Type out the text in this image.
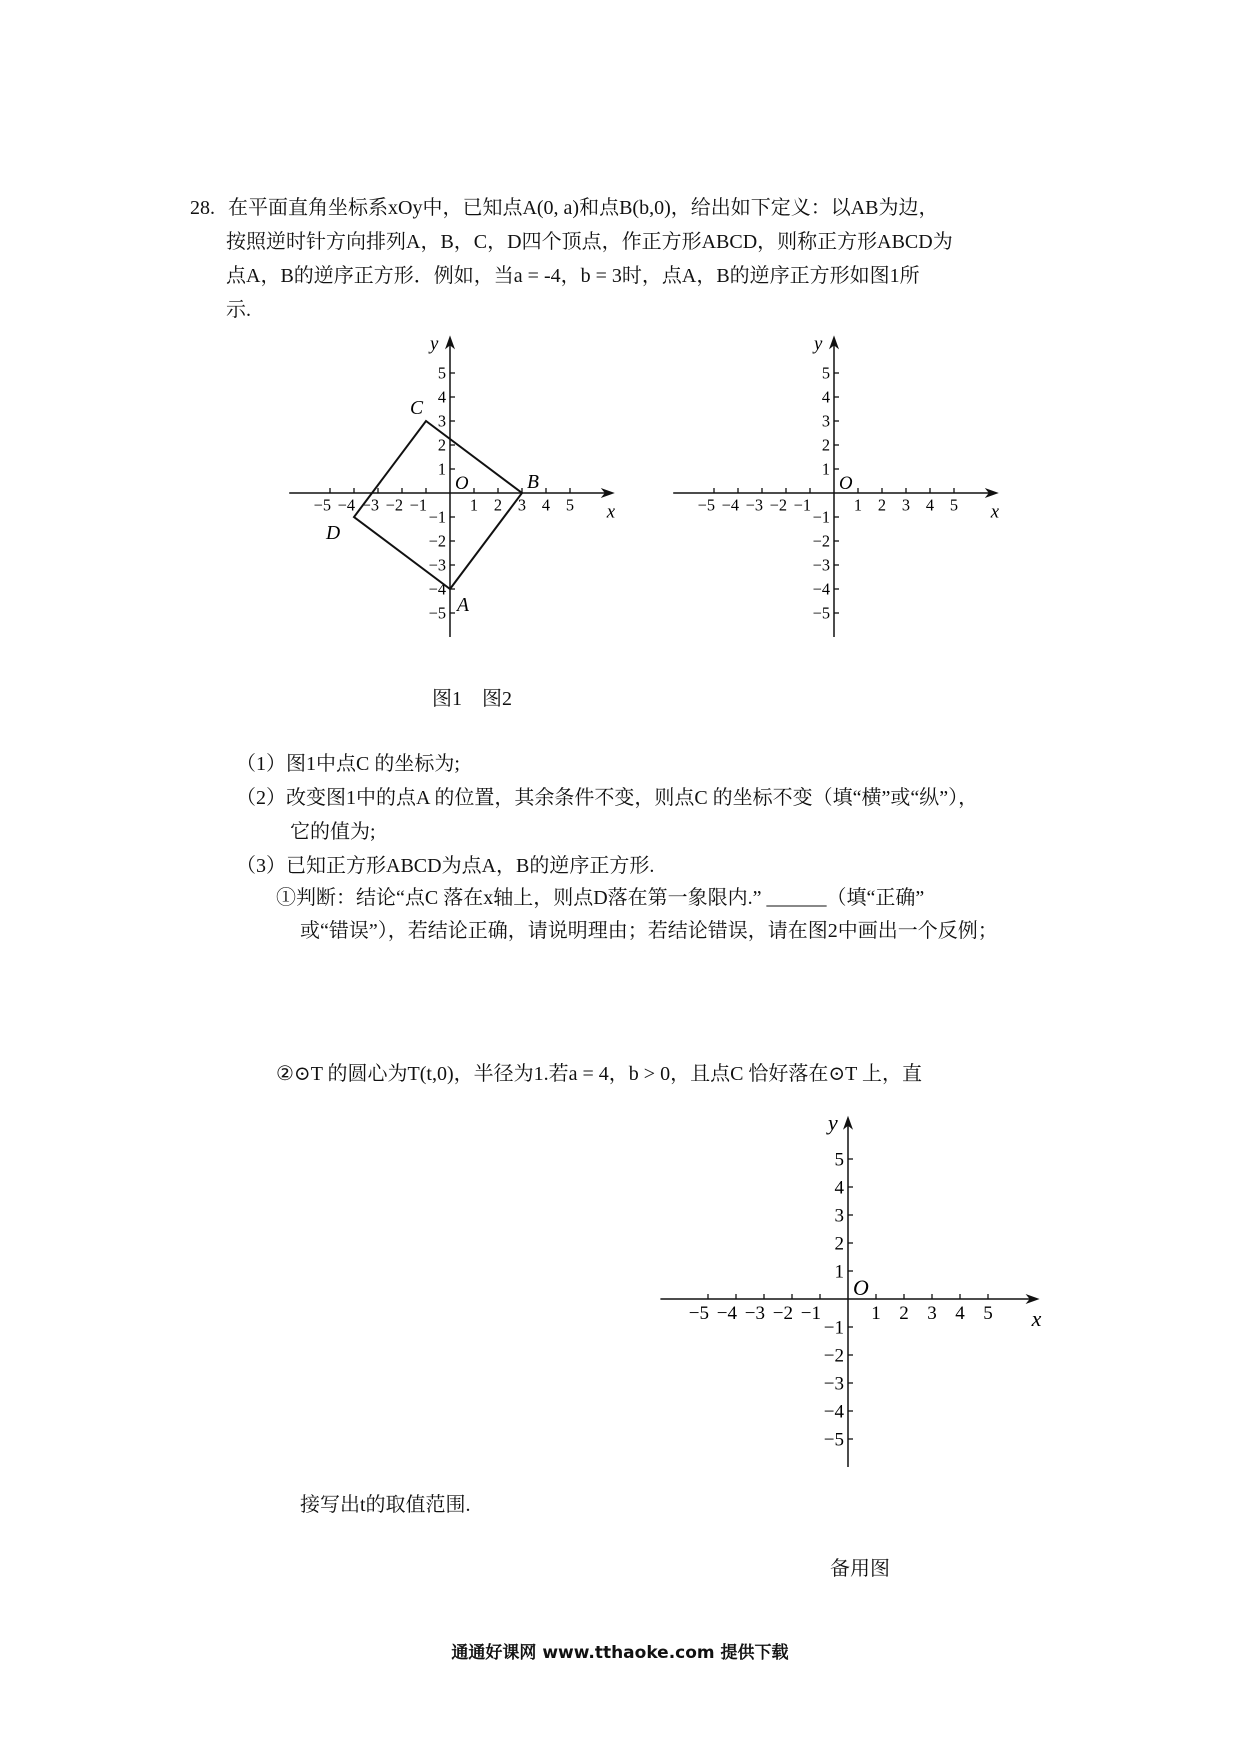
28. 在平面直角坐标系xOy中，已知点A(0, a)和点B(b,0)，给出如下定义：以AB为边，
按照逆时针方向排列A，B，C，D四个顶点，作正方形ABCD，则称正方形ABCD为
点A，B的逆序正方形．例如，当a = -4，b = 3时，点A，B的逆序正方形如图1所
示.
−5 −4 −3 −2 −1	1 2 3 4 5
−5
−4
−3
−2
−1
1
2
3
4
5
O
x
y
A
B
C
D
−5 −4 −3 −2 −1	1 2 3 4 5
−5
−4
−3
−2
−1
1
2
3
4
5
O
x
y
−5 −4 −3 −2 −1	1 2 3 4 5
−5
−4
−3
−2
−1
1
2
3
4
5
O
x
y
图1　图2
（1）图1中点C 的坐标为;
（2）改变图1中的点A 的位置，其余条件不变，则点C 的坐标不变（填“横”或“纵”），
它的值为;
（3）已知正方形ABCD为点A，B的逆序正方形.
①判断：结论“点C 落在x轴上，则点D落在第一象限内.” ______（填“正确”
或“错误”），若结论正确，请说明理由；若结论错误，请在图2中画出一个反例；
②⊙T 的圆心为T(t,0)，半径为1.若a = 4，b > 0，且点C 恰好落在⊙T 上，直
接写出t的取值范围.
备用图
通通好课网 www.tthaoke.com 提供下载
